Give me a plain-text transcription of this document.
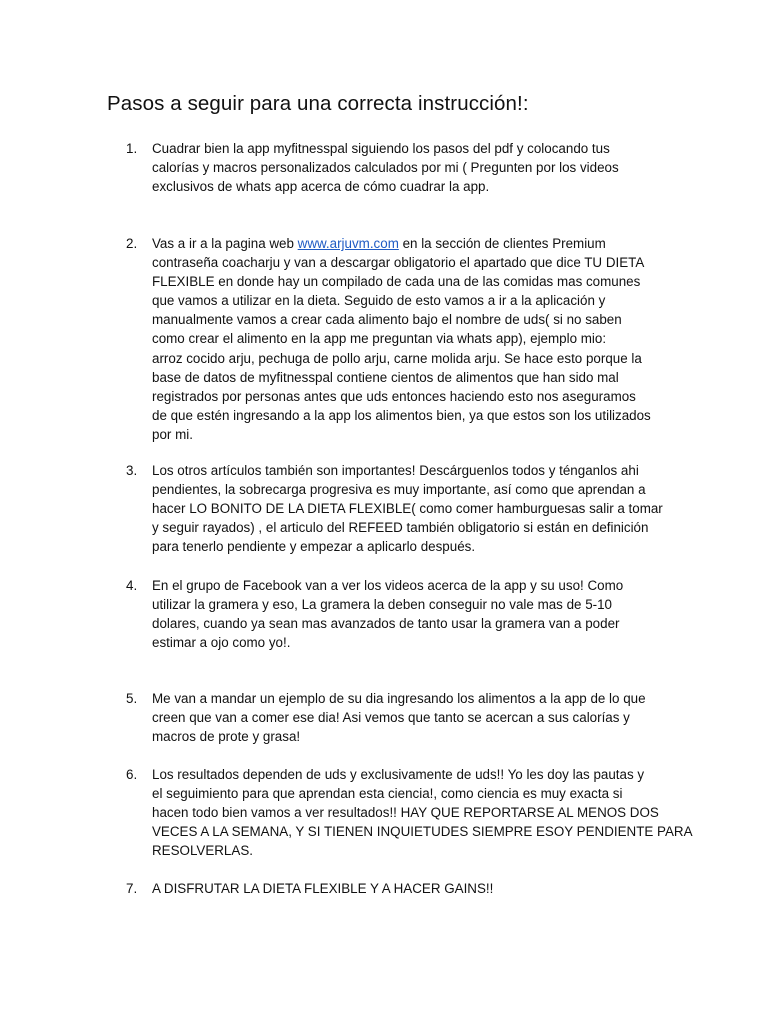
Pasos a seguir para una correcta instrucción!:
1.	Cuadrar bien la app myfitnesspal siguiendo los pasos del pdf y colocando tus
calorías y macros personalizados calculados por mi ( Pregunten por los videos
exclusivos de whats app acerca de cómo cuadrar la app.
2.	Vas a ir a la pagina web www.arjuvm.com en la sección de clientes Premium
contraseña coacharju y van a descargar obligatorio el apartado que dice TU DIETA
FLEXIBLE en donde hay un compilado de cada una de las comidas mas comunes
que vamos a utilizar en la dieta. Seguido de esto vamos a ir a la aplicación y
manualmente vamos a crear cada alimento bajo el nombre de uds( si no saben
como crear el alimento en la app me preguntan via whats app), ejemplo mio:
arroz cocido arju, pechuga de pollo arju, carne molida arju. Se hace esto porque la
base de datos de myfitnesspal contiene cientos de alimentos que han sido mal
registrados por personas antes que uds entonces haciendo esto nos aseguramos
de que estén ingresando a la app los alimentos bien, ya que estos son los utilizados
por mi.
3.	Los otros artículos también son importantes! Descárguenlos todos y ténganlos ahi
pendientes, la sobrecarga progresiva es muy importante, así como que aprendan a
hacer LO BONITO DE LA DIETA FLEXIBLE( como comer hamburguesas salir a tomar
y seguir rayados) , el articulo del REFEED también obligatorio si están en definición
para tenerlo pendiente y empezar a aplicarlo después.
4.	En el grupo de Facebook van a ver los videos acerca de la app y su uso! Como
utilizar la gramera y eso, La gramera la deben conseguir no vale mas de 5-10
dolares, cuando ya sean mas avanzados de tanto usar la gramera van a poder
estimar a ojo como yo!.
5.	Me van a mandar un ejemplo de su dia ingresando los alimentos a la app de lo que
creen que van a comer ese dia! Asi vemos que tanto se acercan a sus calorías y
macros de prote y grasa!
6.	Los resultados dependen de uds y exclusivamente de uds!! Yo les doy las pautas y
el seguimiento para que aprendan esta ciencia!, como ciencia es muy exacta si
hacen todo bien vamos a ver resultados!! HAY QUE REPORTARSE AL MENOS DOS
VECES A LA SEMANA, Y SI TIENEN INQUIETUDES SIEMPRE ESOY PENDIENTE PARA
RESOLVERLAS.
7.	A DISFRUTAR LA DIETA FLEXIBLE Y A HACER GAINS!!
